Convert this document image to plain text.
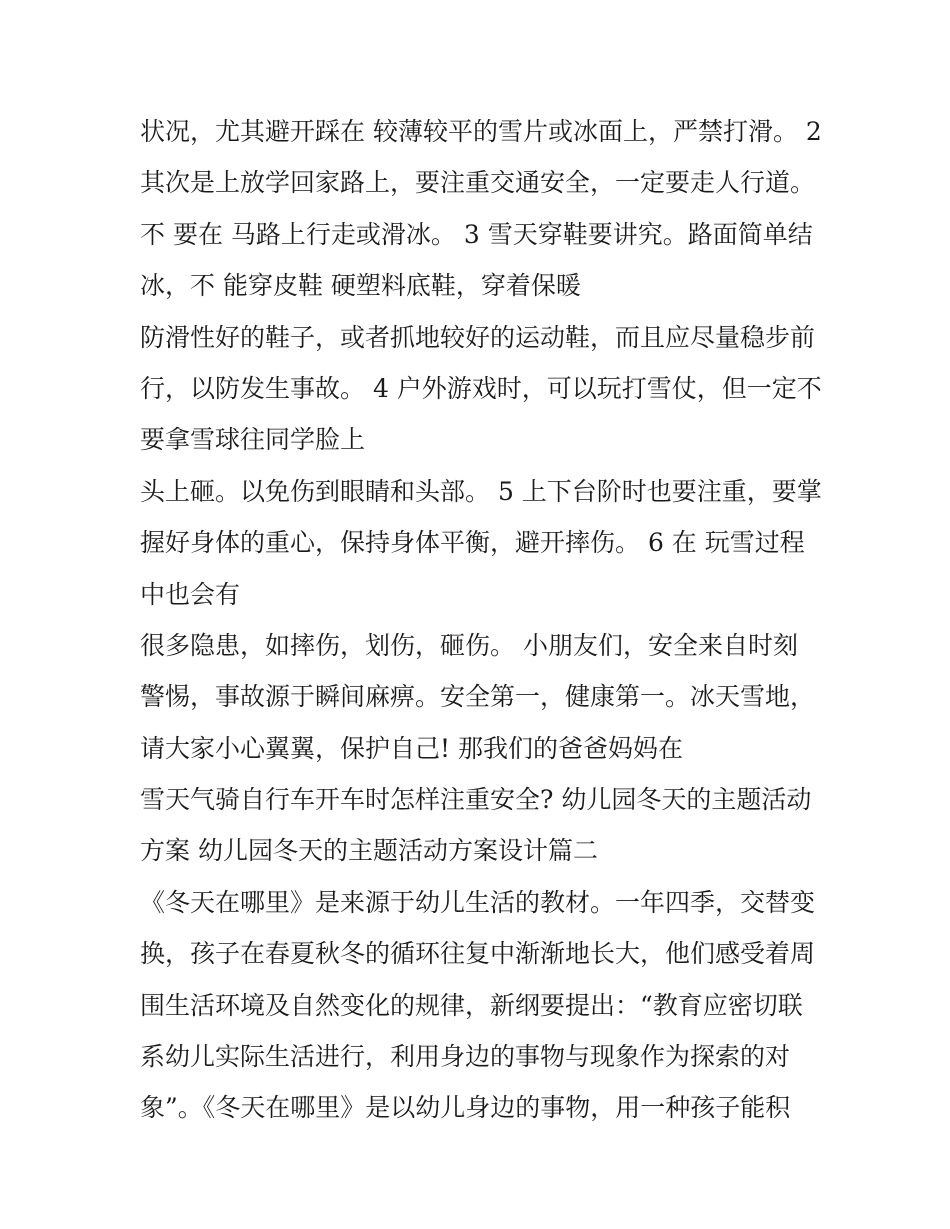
状况，尤其避开踩在 较薄较平的雪片或冰面上，严禁打滑。 2
其次是上放学回家路上，要注重交通安全，一定要走人行道。
不 要在 马路上行走或滑冰。 3 雪天穿鞋要讲究。路面简单结
冰，不 能穿皮鞋 硬塑料底鞋，穿着保暖
防滑性好的鞋子，或者抓地较好的运动鞋，而且应尽量稳步前
行，以防发生事故。 4 户外游戏时，可以玩打雪仗，但一定不
要拿雪球往同学脸上
头上砸。以免伤到眼睛和头部。 5 上下台阶时也要注重，要掌
握好身体的重心，保持身体平衡，避开摔伤。 6 在 玩雪过程
中也会有
很多隐患，如摔伤，划伤，砸伤。 小朋友们，安全来自时刻
警惕，事故源于瞬间麻痹。安全第一，健康第一。冰天雪地，
请大家小心翼翼，保护自己! 那我们的爸爸妈妈在
雪天气骑自行车开车时怎样注重安全? 幼儿园冬天的主题活动
方案 幼儿园冬天的主题活动方案设计篇二
《冬天在哪里》是来源于幼儿生活的教材。一年四季，交替变
换，孩子在春夏秋冬的循环往复中渐渐地长大，他们感受着周
围生活环境及自然变化的规律，新纲要提出：“教育应密切联
系幼儿实际生活进行，利用身边的事物与现象作为探索的对
象”。《冬天在哪里》是以幼儿身边的事物，用一种孩子能积
